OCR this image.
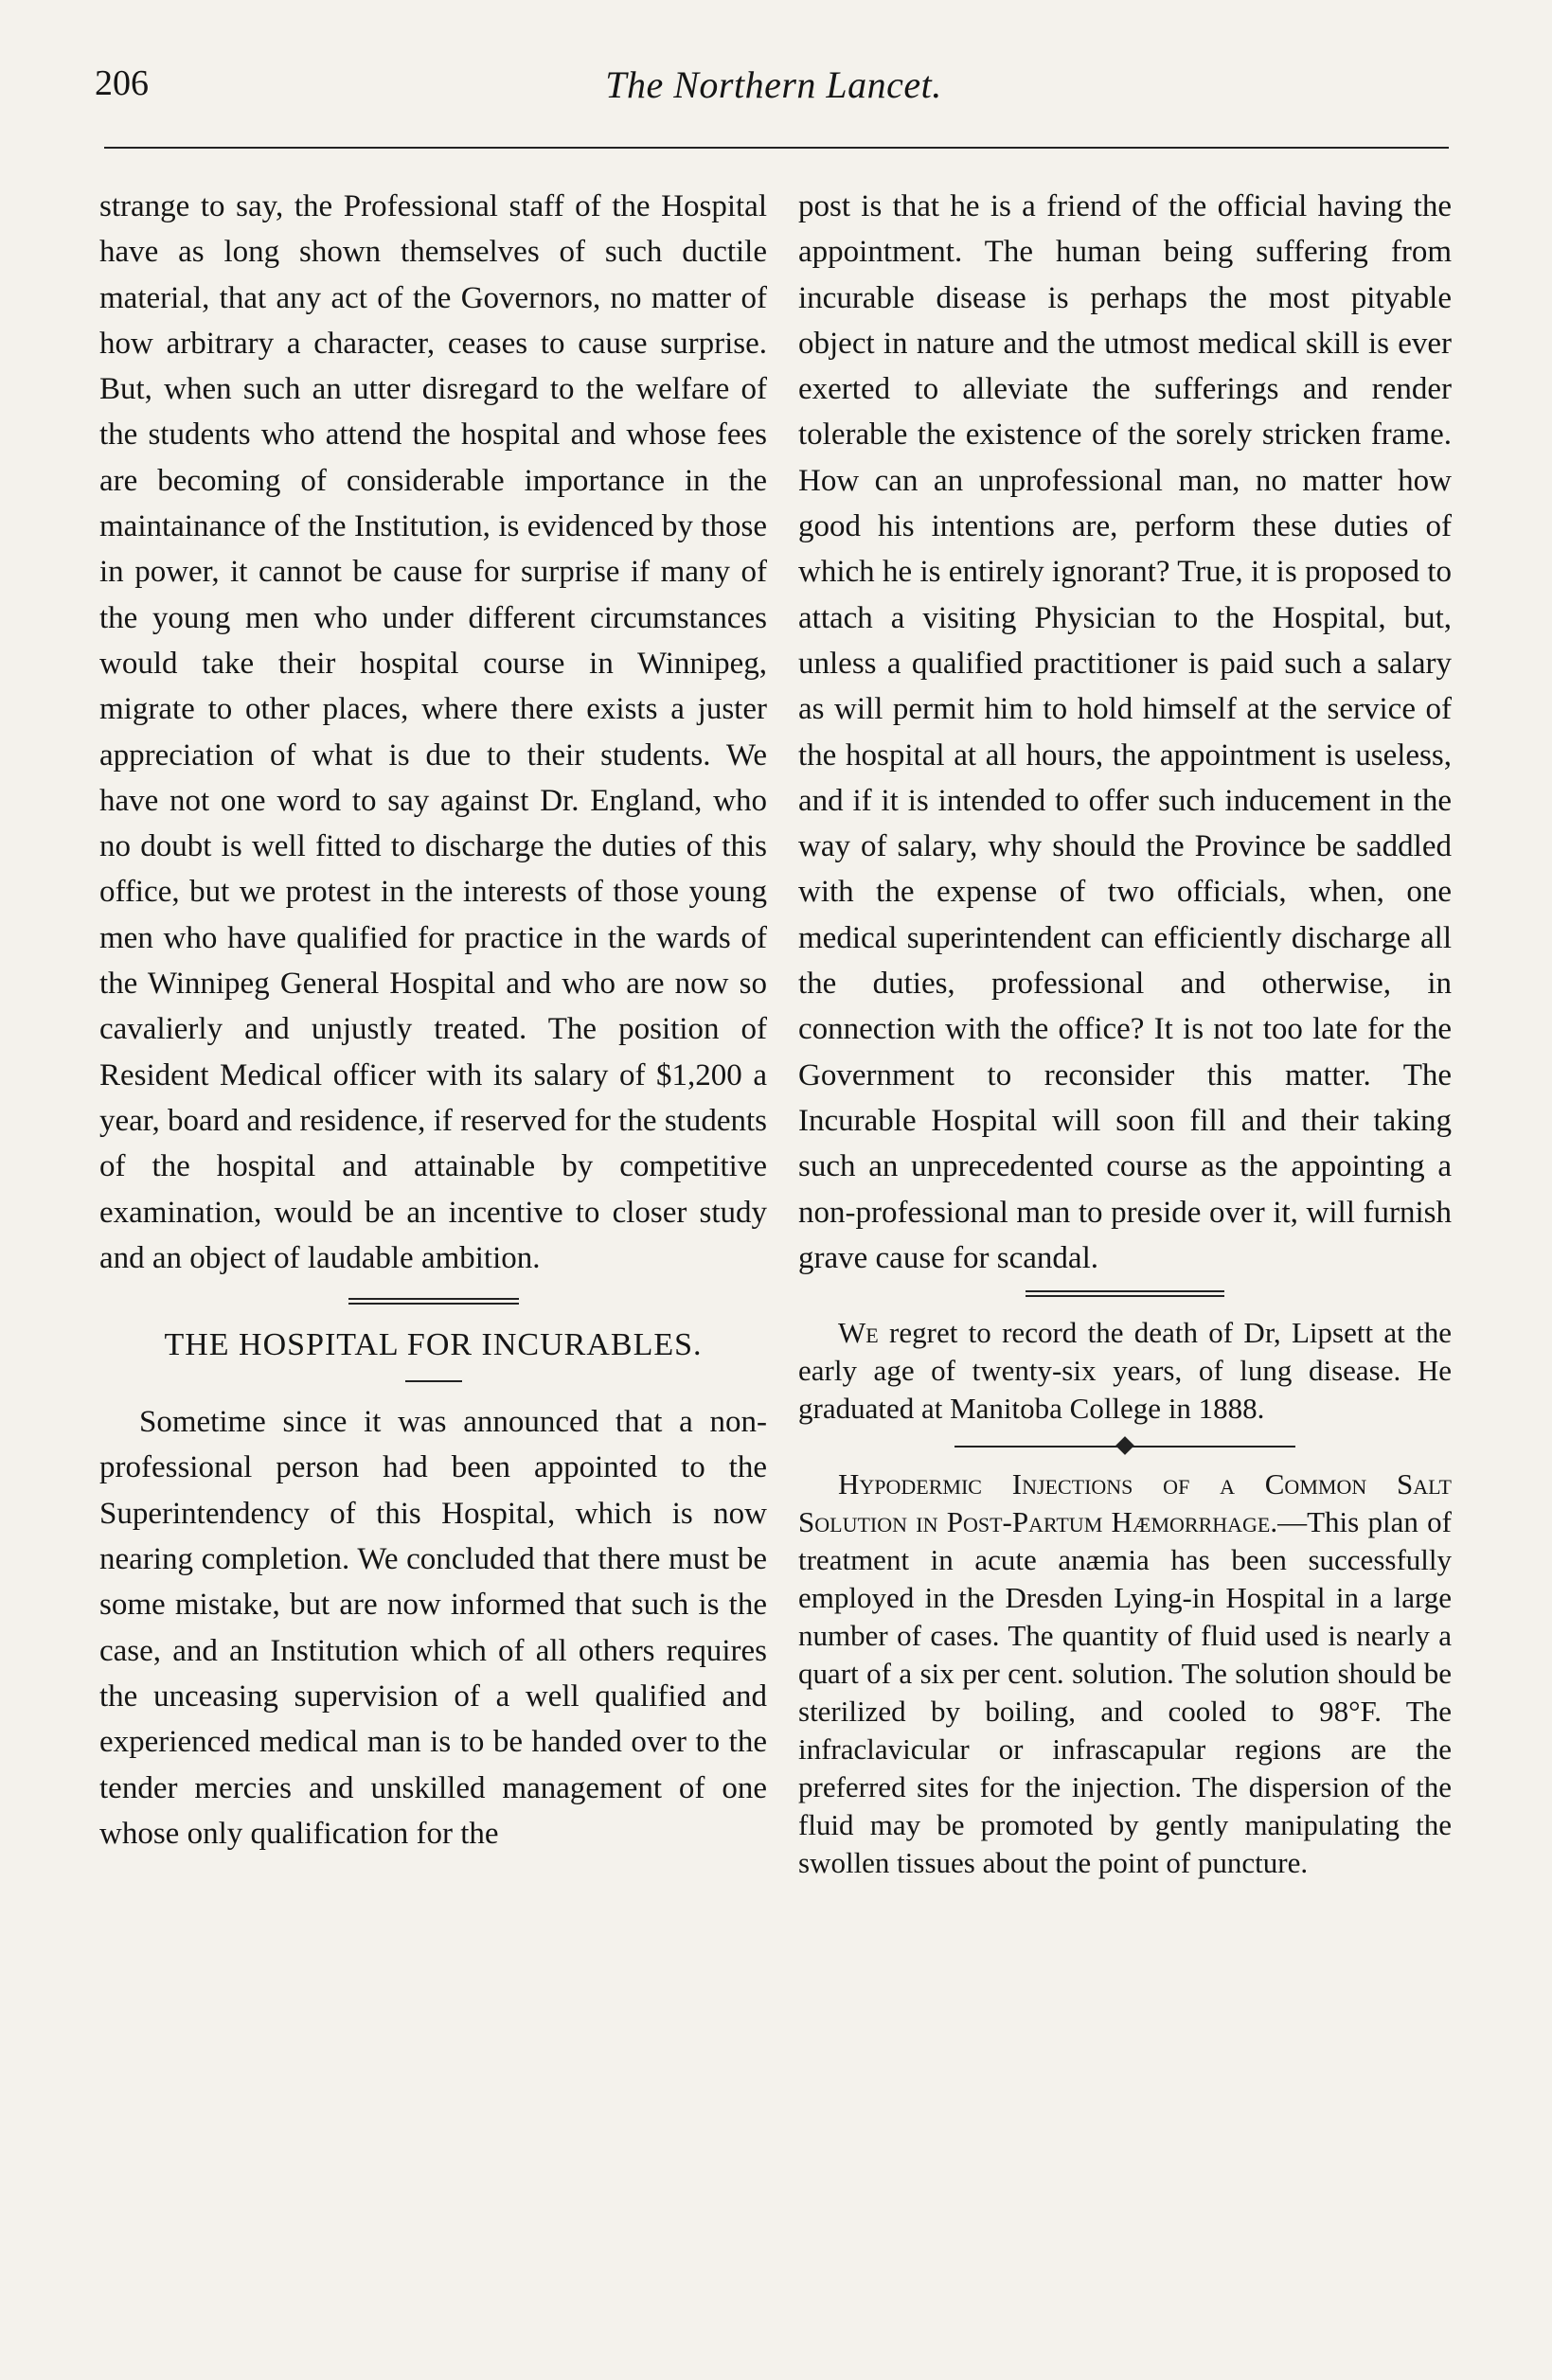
206	The Northern Lancet.

strange to say, the Professional staff of the Hospital have as long shown themselves of such ductile material, that any act of the Governors, no matter of how arbitrary a character, ceases to cause surprise. But, when such an utter disregard to the welfare of the students who attend the hospital and whose fees are becoming of considerable importance in the maintainance of the Institution, is evidenced by those in power, it cannot be cause for surprise if many of the young men who under different circumstances would take their hospital course in Winnipeg, migrate to other places, where there exists a juster appreciation of what is due to their students. We have not one word to say against Dr. England, who no doubt is well fitted to discharge the duties of this office, but we protest in the interests of those young men who have qualified for practice in the wards of the Winnipeg General Hospital and who are now so cavalierly and unjustly treated. The position of Resident Medical officer with its salary of $1,200 a year, board and residence, if reserved for the students of the hospital and attainable by competitive examination, would be an incentive to closer study and an object of laudable ambition.

THE HOSPITAL FOR INCURABLES.

Sometime since it was announced that a non-professional person had been appointed to the Superintendency of this Hospital, which is now nearing completion. We concluded that there must be some mistake, but are now informed that such is the case, and an Institution which of all others requires the unceasing supervision of a well qualified and experienced medical man is to be handed over to the tender mercies and unskilled management of one whose only qualification for the

post is that he is a friend of the official having the appointment. The human being suffering from incurable disease is perhaps the most pityable object in nature and the utmost medical skill is ever exerted to alleviate the sufferings and render tolerable the existence of the sorely stricken frame. How can an unprofessional man, no matter how good his intentions are, perform these duties of which he is entirely ignorant? True, it is proposed to attach a visiting Physician to the Hospital, but, unless a qualified practitioner is paid such a salary as will permit him to hold himself at the service of the hospital at all hours, the appointment is useless, and if it is intended to offer such inducement in the way of salary, why should the Province be saddled with the expense of two officials, when, one medical superintendent can efficiently discharge all the duties, professional and otherwise, in connection with the office? It is not too late for the Government to reconsider this matter. The Incurable Hospital will soon fill and their taking such an unprecedented course as the appointing a non-professional man to preside over it, will furnish grave cause for scandal.

We regret to record the death of Dr, Lipsett at the early age of twenty-six years, of lung disease. He graduated at Manitoba College in 1888.

Hypodermic Injections of a Common Salt Solution in Post-Partum Hæmorrhage.—This plan of treatment in acute anæmia has been successfully employed in the Dresden Lying-in Hospital in a large number of cases. The quantity of fluid used is nearly a quart of a six per cent. solution. The solution should be sterilized by boiling, and cooled to 98°F. The infraclavicular or infrascapular regions are the preferred sites for the injection. The dispersion of the fluid may be promoted by gently manipulating the swollen tissues about the point of puncture.
